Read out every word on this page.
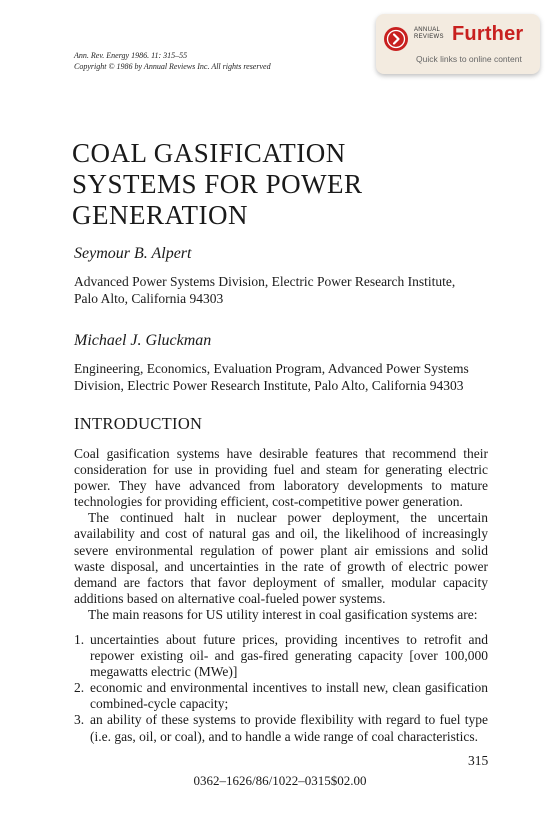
Ann. Rev. Energy 1986. 11: 315–55
Copyright © 1986 by Annual Reviews Inc. All rights reserved
ANNUAL
REVIEWS Further
Quick links to online content
COAL GASIFICATION
SYSTEMS FOR POWER
GENERATION
Seymour B. Alpert
Advanced Power Systems Division, Electric Power Research Institute,
Palo Alto, California 94303
Michael J. Gluckman
Engineering, Economics, Evaluation Program, Advanced Power Systems
Division, Electric Power Research Institute, Palo Alto, California 94303
INTRODUCTION

Coal gasification systems have desirable features that recommend their consideration for use in providing fuel and steam for generating electric power. They have advanced from laboratory developments to mature technologies for providing efficient, cost-competitive power generation.

The continued halt in nuclear power deployment, the uncertain availability and cost of natural gas and oil, the likelihood of increasingly severe environmental regulation of power plant air emissions and solid waste disposal, and uncertainties in the rate of growth of electric power demand are factors that favor deployment of smaller, modular capacity additions based on alternative coal-fueled power systems.

The main reasons for US utility interest in coal gasification systems are:

1. uncertainties about future prices, providing incentives to retrofit and repower existing oil- and gas-fired generating capacity [over 100,000 megawatts electric (MWe)]
2. economic and environmental incentives to install new, clean gasification combined-cycle capacity;
3. an ability of these systems to provide flexibility with regard to fuel type (i.e. gas, oil, or coal), and to handle a wide range of coal characteristics.
315
0362–1626/86/1022–0315$02.00
